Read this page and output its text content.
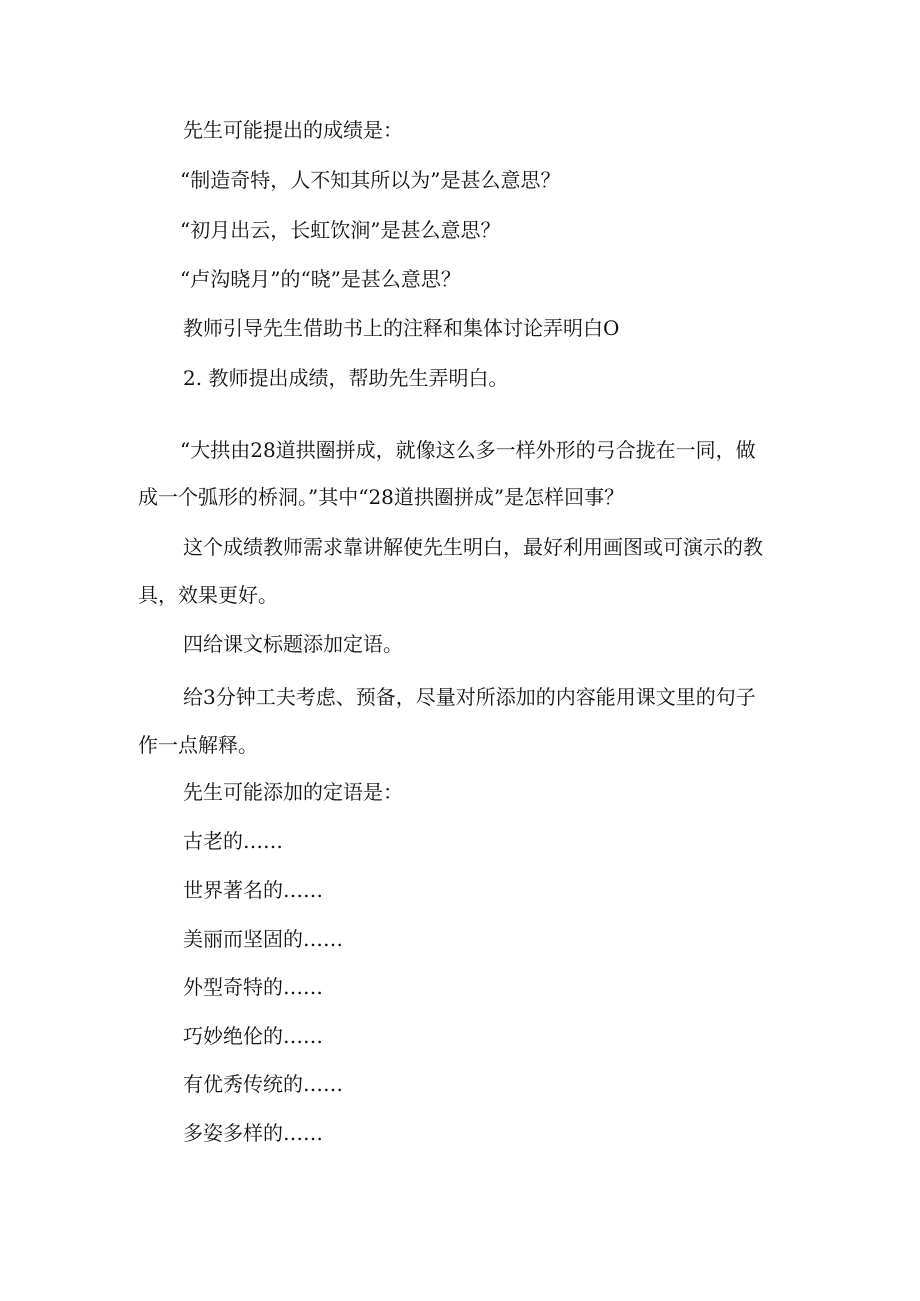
先生可能提出的成绩是：
“制造奇特，人不知其所以为”是甚么意思？
“初月出云，长虹饮涧”是甚么意思？
“卢沟晓月”的“晓”是甚么意思？
教师引导先生借助书上的注释和集体讨论弄明白O
2. 教师提出成绩，帮助先生弄明白。
“大拱由28道拱圈拼成，就像这么多一样外形的弓合拢在一同，做
成一个弧形的桥洞。”其中“28道拱圈拼成”是怎样回事？
这个成绩教师需求靠讲解使先生明白，最好利用画图或可演示的教
具，效果更好。
四给课文标题添加定语。
给3分钟工夫考虑、预备，尽量对所添加的内容能用课文里的句子
作一点解释。
先生可能添加的定语是：
古老的……
世界著名的……
美丽而坚固的……
外型奇特的……
巧妙绝伦的……
有优秀传统的……
多姿多样的……
